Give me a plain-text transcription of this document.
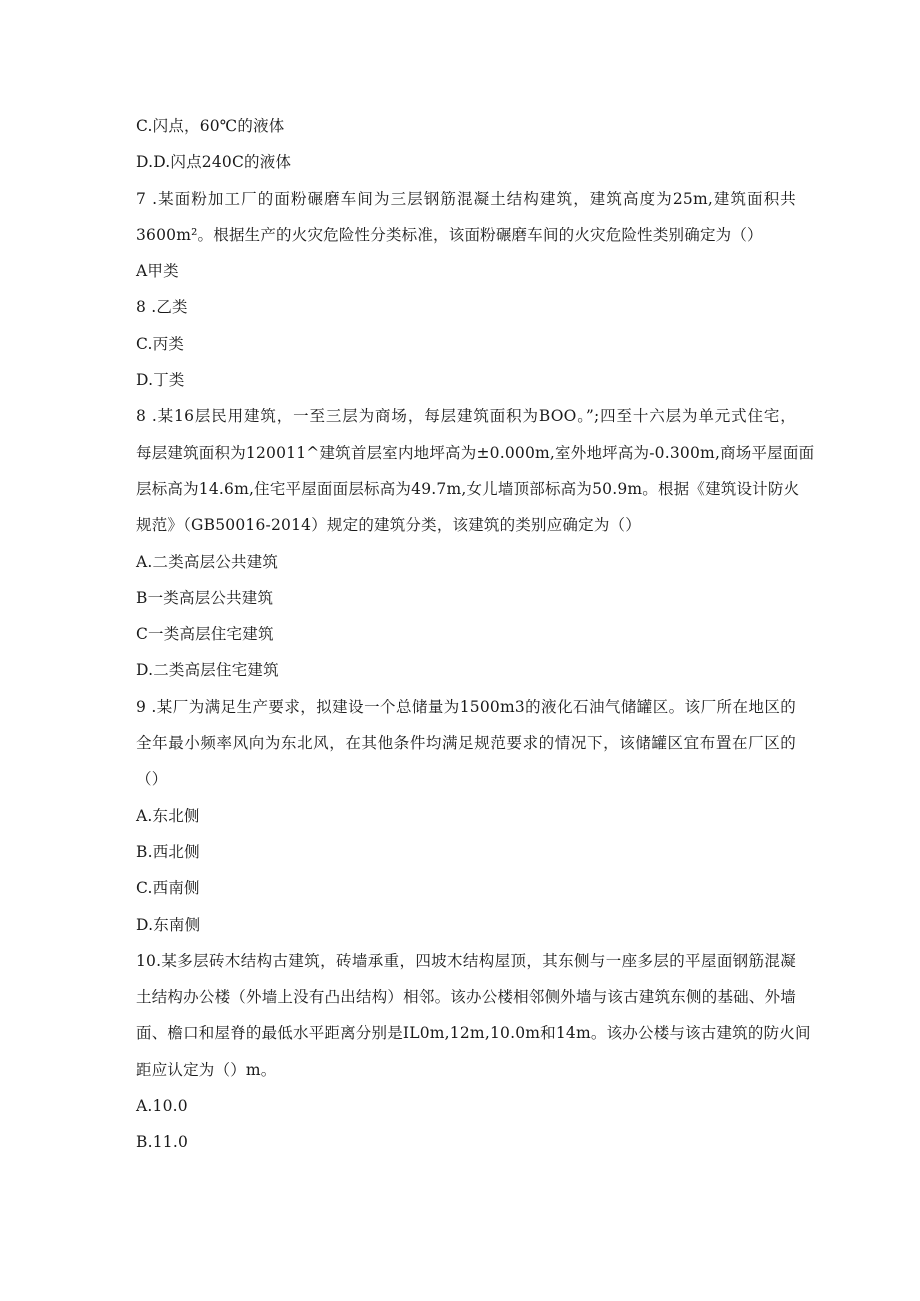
C.闪点，60℃的液体
D.D.闪点240C的液体
7 .某面粉加工厂的面粉碾磨车间为三层钢筋混凝土结构建筑，建筑高度为25m,建筑面积共
3600m²。根据生产的火灾危险性分类标准，该面粉碾磨车间的火灾危险性类别确定为（）
A甲类
8 .乙类
C.丙类
D.丁类
8 .某16层民用建筑，一至三层为商场，每层建筑面积为BOO。”;四至十六层为单元式住宅，
每层建筑面积为120011^建筑首层室内地坪高为±0.000m,室外地坪高为-0.300m,商场平屋面面
层标高为14.6m,住宅平屋面面层标高为49.7m,女儿墙顶部标高为50.9m。根据《建筑设计防火
规范》（GB50016-2014）规定的建筑分类，该建筑的类别应确定为（）
A.二类高层公共建筑
B一类高层公共建筑
C一类高层住宅建筑
D.二类高层住宅建筑
9 .某厂为满足生产要求，拟建设一个总储量为1500m3的液化石油气储罐区。该厂所在地区的
全年最小频率风向为东北风，在其他条件均满足规范要求的情况下，该储罐区宜布置在厂区的
（）
A.东北侧
B.西北侧
C.西南侧
D.东南侧
10.某多层砖木结构古建筑，砖墙承重，四坡木结构屋顶，其东侧与一座多层的平屋面钢筋混凝
土结构办公楼（外墙上没有凸出结构）相邻。该办公楼相邻侧外墙与该古建筑东侧的基础、外墙
面、檐口和屋脊的最低水平距离分别是IL0m,12m,10.0m和14m。该办公楼与该古建筑的防火间
距应认定为（）m。
A.10.0
B.11.0
